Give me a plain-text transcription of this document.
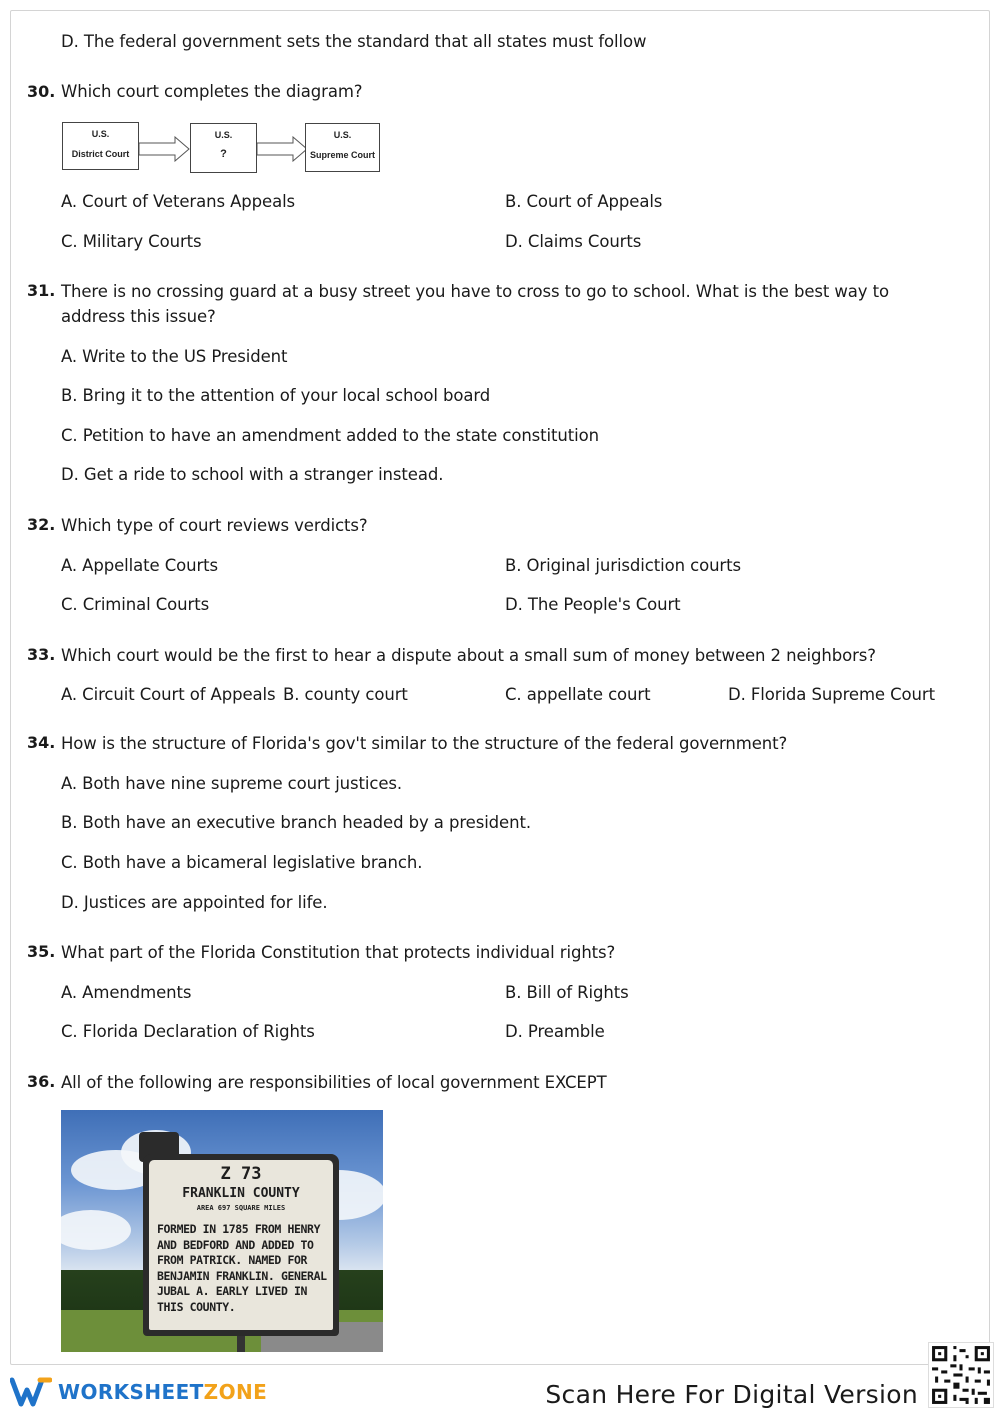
D. The federal government sets the standard that all states must follow
30. Which court completes the diagram?
U.S.
District Court
U.S.
?
U.S.
Supreme Court
A. Court of Veterans Appeals	B. Court of Appeals
C. Military Courts	D. Claims Courts
31. There is no crossing guard at a busy street you have to cross to go to school. What is the best way to address this issue?
A. Write to the US President
B. Bring it to the attention of your local school board
C. Petition to have an amendment added to the state constitution
D. Get a ride to school with a stranger instead.
32. Which type of court reviews verdicts?
A. Appellate Courts	B. Original jurisdiction courts
C. Criminal Courts	D. The People's Court
33. Which court would be the first to hear a dispute about a small sum of money between 2 neighbors?
A. Circuit Court of Appeals B. county court	C. appellate court	D. Florida Supreme Court
34. How is the structure of Florida's gov't similar to the structure of the federal government?
A. Both have nine supreme court justices.
B. Both have an executive branch headed by a president.
C. Both have a bicameral legislative branch.
D. Justices are appointed for life.
35. What part of the Florida Constitution that protects individual rights?
A. Amendments	B. Bill of Rights
C. Florida Declaration of Rights	D. Preamble
36. All of the following are responsibilities of local government EXCEPT
Z 73
FRANKLIN COUNTY
AREA 697 SQUARE MILES
FORMED IN 1785 FROM HENRY
AND BEDFORD AND ADDED TO
FROM PATRICK. NAMED FOR
BENJAMIN FRANKLIN. GENERAL
JUBAL A. EARLY LIVED IN
THIS COUNTY.
WORKSHEETZONE	Scan Here For Digital Version
